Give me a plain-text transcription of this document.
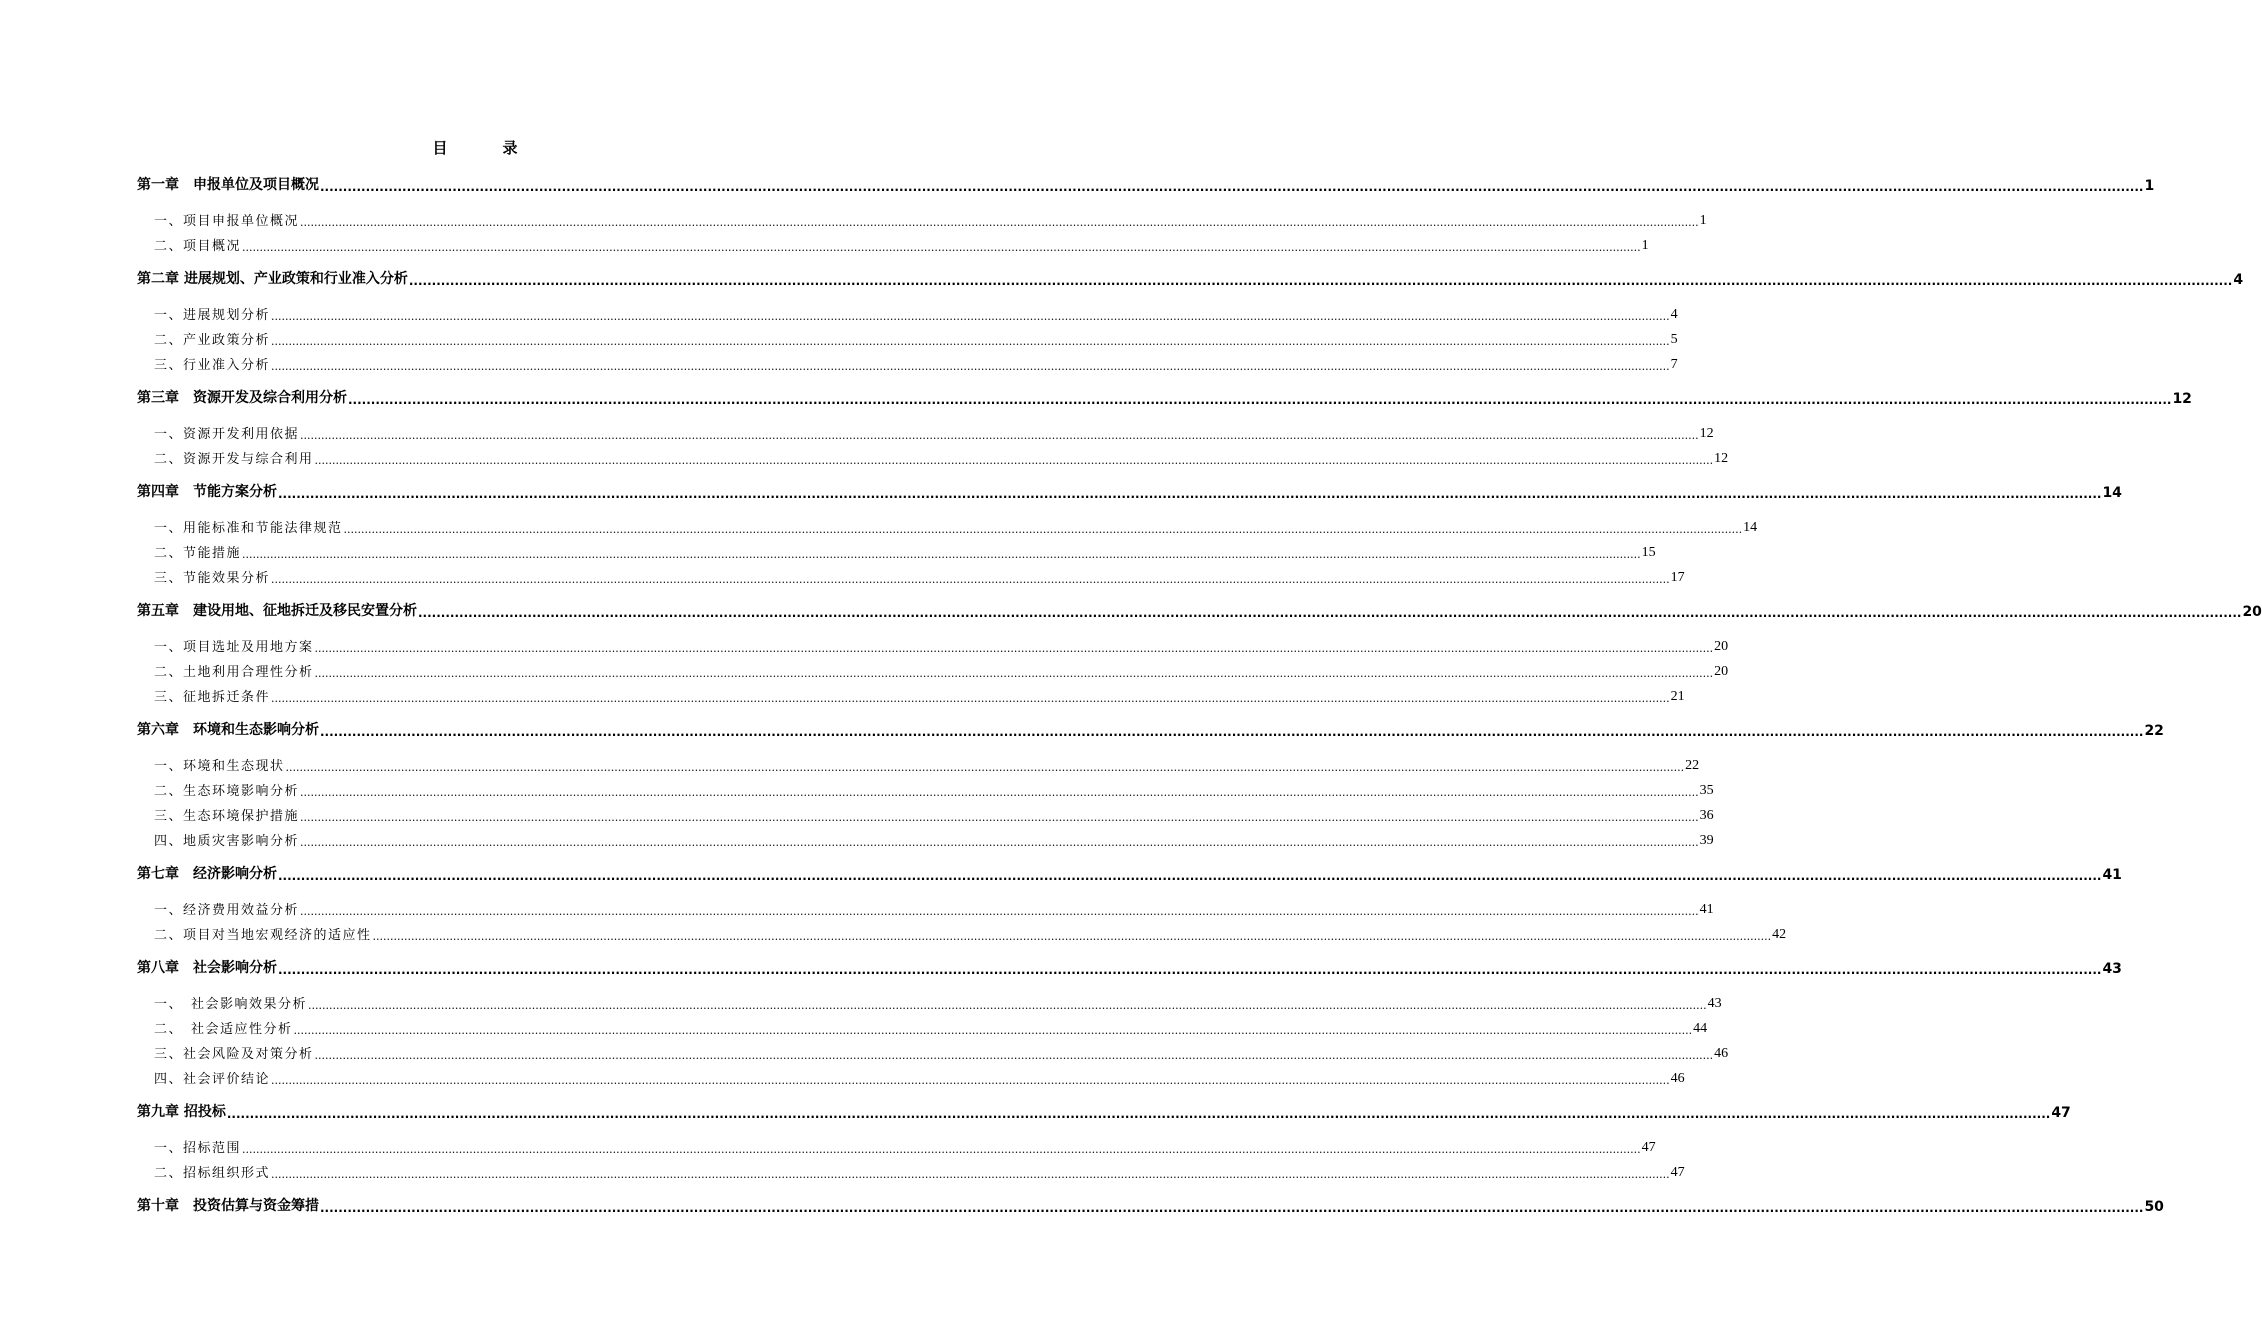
目　录
第一章　申报单位及项目概况 ................................................................................................................................................................................................................................................................................................................................................................................................................ 1
一、项目申报单位概况 ................................................................................................................................................................................................................................................................................................................................................................................................................ 1
二、项目概况 ................................................................................................................................................................................................................................................................................................................................................................................................................ 1
第二章 进展规划、产业政策和行业准入分析 ................................................................................................................................................................................................................................................................................................................................................................................................................ 4
一、进展规划分析 ................................................................................................................................................................................................................................................................................................................................................................................................................ 4
二、产业政策分析 ................................................................................................................................................................................................................................................................................................................................................................................................................ 5
三、行业准入分析 ................................................................................................................................................................................................................................................................................................................................................................................................................ 7
第三章　资源开发及综合利用分析 ................................................................................................................................................................................................................................................................................................................................................................................................................ 12
一、资源开发利用依据 ................................................................................................................................................................................................................................................................................................................................................................................................................ 12
二、资源开发与综合利用 ................................................................................................................................................................................................................................................................................................................................................................................................................ 12
第四章　节能方案分析 ................................................................................................................................................................................................................................................................................................................................................................................................................ 14
一、用能标准和节能法律规范 ................................................................................................................................................................................................................................................................................................................................................................................................................ 14
二、节能措施 ................................................................................................................................................................................................................................................................................................................................................................................................................ 15
三、节能效果分析 ................................................................................................................................................................................................................................................................................................................................................................................................................ 17
第五章　建设用地、征地拆迁及移民安置分析 ................................................................................................................................................................................................................................................................................................................................................................................................................ 20
一、项目选址及用地方案 ................................................................................................................................................................................................................................................................................................................................................................................................................ 20
二、土地利用合理性分析 ................................................................................................................................................................................................................................................................................................................................................................................................................ 20
三、征地拆迁条件 ................................................................................................................................................................................................................................................................................................................................................................................................................ 21
第六章　环境和生态影响分析 ................................................................................................................................................................................................................................................................................................................................................................................................................ 22
一、环境和生态现状 ................................................................................................................................................................................................................................................................................................................................................................................................................ 22
二、生态环境影响分析 ................................................................................................................................................................................................................................................................................................................................................................................................................ 35
三、生态环境保护措施 ................................................................................................................................................................................................................................................................................................................................................................................................................ 36
四、地质灾害影响分析 ................................................................................................................................................................................................................................................................................................................................................................................................................ 39
第七章　经济影响分析 ................................................................................................................................................................................................................................................................................................................................................................................................................ 41
一、经济费用效益分析 ................................................................................................................................................................................................................................................................................................................................................................................................................ 41
二、项目对当地宏观经济的适应性 ................................................................................................................................................................................................................................................................................................................................................................................................................ 42
第八章　社会影响分析 ................................................................................................................................................................................................................................................................................................................................................................................................................ 43
一、　社会影响效果分析 ................................................................................................................................................................................................................................................................................................................................................................................................................ 43
二、　社会适应性分析 ................................................................................................................................................................................................................................................................................................................................................................................................................ 44
三、社会风险及对策分析 ................................................................................................................................................................................................................................................................................................................................................................................................................ 46
四、社会评价结论 ................................................................................................................................................................................................................................................................................................................................................................................................................ 46
第九章 招投标 ................................................................................................................................................................................................................................................................................................................................................................................................................ 47
一、招标范围 ................................................................................................................................................................................................................................................................................................................................................................................................................ 47
二、招标组织形式 ................................................................................................................................................................................................................................................................................................................................................................................................................ 47
第十章　投资估算与资金筹措 ................................................................................................................................................................................................................................................................................................................................................................................................................ 50
